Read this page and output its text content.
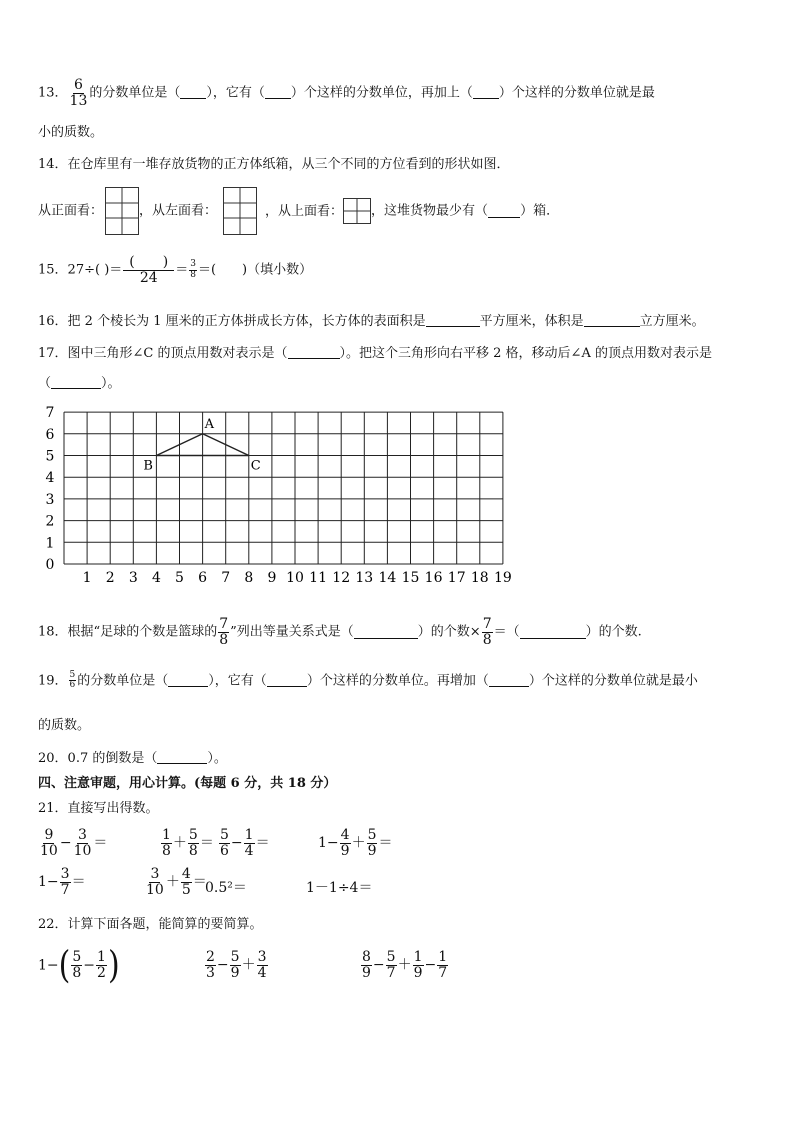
13． $\frac{6}{13}$ 的分数单位是（ ），它有（ ）个这样的分数单位，再加上（ ）个这样的分数单位就是最
小的质数。
14．在仓库里有一堆存放货物的正方体纸箱，从三个不同的方位看到的形状如图．
从正面看：	，从左面看：	，从上面看： ，这堆货物最少有（ ）箱．
15．27÷( )＝ $\frac{( )}{24} = \frac{3}{8}$ ＝(　　)（填小数）
16．把 2 个棱长为 1 厘米的正方体拼成长方体，长方体的表面积是	平方厘米，体积是	立方厘米。
17．图中三角形∠C 的顶点用数对表示是（	）。把这个三角形向右平移 2 格，移动后∠A 的顶点用数对表示是
（	）。
0
1
2
3
4
5
6
7
1 2 3 4 5 6 7 8 9 10 11 12 13 14 15 16 17 18 19
A
B	C
18．根据“足球的个数是篮球的 $\frac{7}{8}$ ”列出等量关系式是（	）的个数× $\frac{7}{8}$ ＝（	）的个数.
19． $\frac{5}{6}$ 的分数单位是（	），它有（	）个这样的分数单位。再增加（	）个这样的分数单位就是最小
的质数。
20．0.7 的倒数是（	）。
四、注意审题，用心计算。(每题 6 分，共 18 分）
21．直接写出得数。
$\frac{9}{10} - \frac{3}{10}$ ＝	$\frac{1}{8} + \frac{5}{8} = \frac{5}{6} - \frac{1}{4}$ ＝	$1- \frac{4}{9} + \frac{5}{9}$ ＝
$1- \frac{3}{7}$ ＝	$\frac{3}{10} + \frac{4}{5}$ ＝
0.5²＝	1－1÷4＝
22．计算下面各题，能简算的要简算。
$1-( \frac{5}{8} - \frac{1}{2}$ )	$\frac{2}{3} - \frac{5}{9} + \frac{3}{4}$	$\frac{8}{9} - \frac{5}{7} + \frac{1}{9} - \frac{1}{7}$
